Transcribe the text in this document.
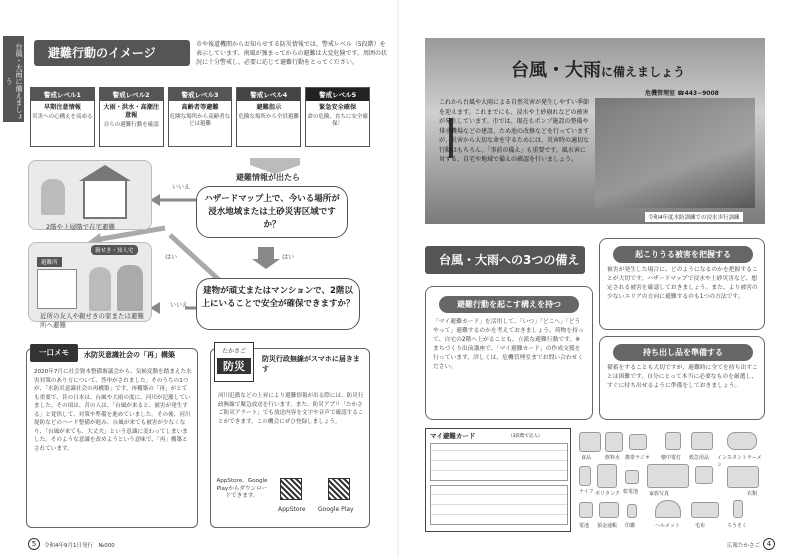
台風・大雨に備えましょう
避難行動のイメージ
市や報道機関からお知らせする防災情報では、警戒レベル（5段階）を表示しています。南風が強まってからの避難は大変危険です。周囲の状況に十分警戒し、必要に応じて避難行動をとってください。
警戒レベル1
早期注意情報
災害への心構えを高める
警戒レベル2
大雨・洪水・高潮注意報
自らの避難行動を確認
警戒レベル3
高齢者等避難
危険な場所から高齢者などは避難
警戒レベル4
避難指示
危険な場所から全員避難
警戒レベル5
緊急安全確保
命の危険、直ちに安全確保！
避難情報が出たら
2階や上層階で在宅避難
ハザードマップ上で、今いる場所が浸水地域または土砂災害区域ですか？
いいえ
はい
はい
親せき・知人宅
避難所
近所の友人や親せきの家または避難所へ避難
建物が頑丈またはマンションで、2階以上にいることで安全が確保できますか？
いいえ
一口メモ	水防災意識社会の「再」構築
2020年7月に社会資本整備審議会から、気候変動を踏まえた水害対策のあり方について、答申がされました。そのうちの1つが、「水防災意識社会の再構築」です。再構築の「再」がとても重要で、昔の日本は、台風や大雨の度に、河川が氾濫していました。その頃は、昔の人は、「台風が来ると、被害が発生する」と覚悟して、対策や準備を進めていました。その後、河川堤防などのハード整備が進み、台風が来ても被害が少なくなり、「台風が来ても、大丈夫」という意識に変わってしまいました。そのような意識を改めようという意味で、「再」構築とされています。
たかさご
防災
防災行政無線がスマホに届きます
河川氾濫などの上昇により避難情報が出る際には、防災行政無線で緊急放送を行います。また、防災アプリ「たかさご防災アラート」でも放送内容を文字や音声で確認することができます。この機会にぜひ登録しましょう。
AppStore、Google Playからダウンロードできます。
AppStore Google Play
5	令和4年9月1日発行　№000
台風・大雨に備えましょう
危機管理室 ☎443−9008
これから台風や大雨による自然災害が発生しやすい季節を迎えます。これまでにも、浸水や土砂崩れなどの被害が発生しています。市では、現在もポンプ施設の整備や排水機場などの建設、ため池の改修などを行っていますが、災害から大切な命を守るためには、災害時の適切な行動はもちろん、「事前の備え」も重要です。風水害に対する、自宅や地域で備えの確認を行いましょう。
令和4年度水防訓練での浸水歩行訓練
台風・大雨への3つの備え
避難行動を起こす構えを持つ
「マイ避難カード」を活用して、「いつ」「どこへ」「どうやって」避難するのかを考えておきましょう。荷物を持って、自宅の2階へ上がることも、立派な避難行動です。※まちづくり出前講座で、「マイ避難カード」の作成支援を行っています。詳しくは、危機管理室までお問い合わせください。
起こりうる被害を把握する
被害が発生した場合に、どのようになるのかを把握することが大切です。ハザードマップで浸水や土砂災害など、想定される被害を確認しておきましょう。また、より被害の少ないエリアの方向に避難するのも1つの方法です。
持ち出し品を準備する
備蓄をすることも大切ですが、避難時に全てを持ち出すことは困難です。自分にとって本当に必要なものを厳選し、すぐに持ち出せるように準備をしておきましょう。
マイ避難カード	（3段階で記入）
食品	飲料水 携帯ラジオ 懐中電灯 救急用品 インスタントラーメン
ナイフ ポリタンク 乾電池 家族写真	衣類
電池 預金通帳 印鑑	ヘルメット	毛布	ろうそく
広報たかさご 4
